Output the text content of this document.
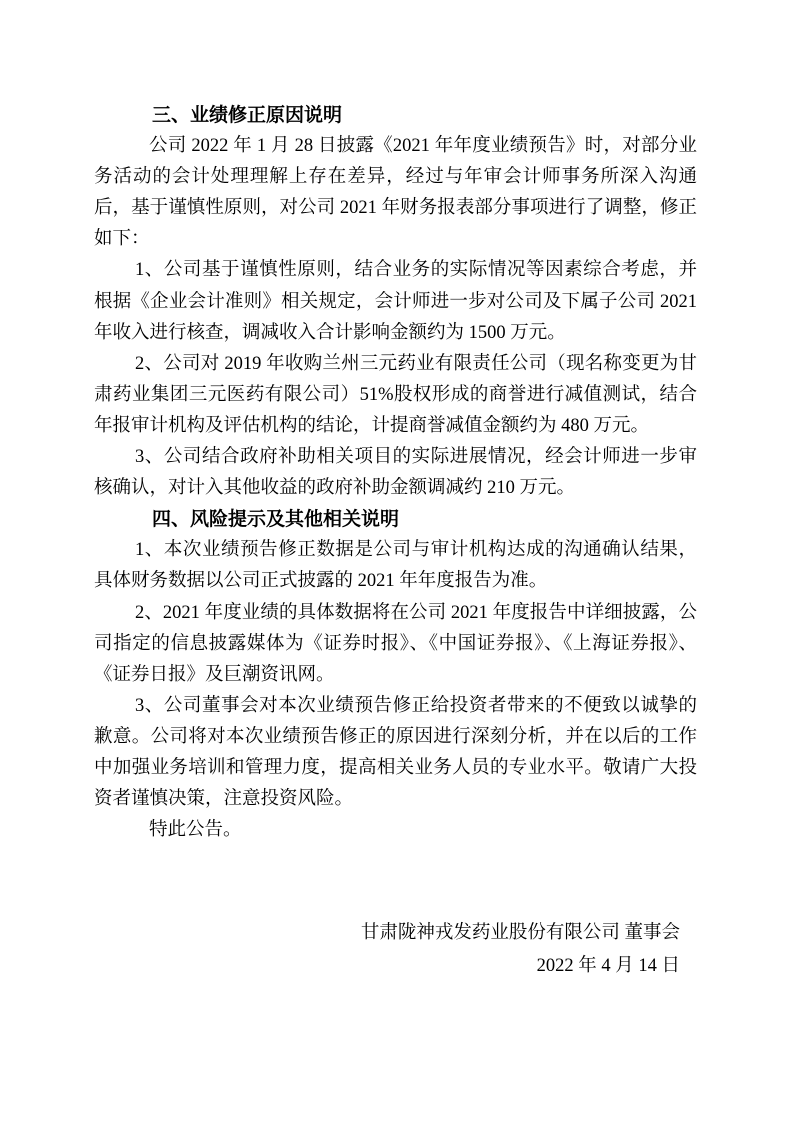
三、业绩修正原因说明

公司 2022 年 1 月 28 日披露《2021 年年度业绩预告》时，对部分业务活动的会计处理理解上存在差异，经过与年审会计师事务所深入沟通后，基于谨慎性原则，对公司 2021 年财务报表部分事项进行了调整，修正如下：

1、公司基于谨慎性原则，结合业务的实际情况等因素综合考虑，并根据《企业会计准则》相关规定，会计师进一步对公司及下属子公司 2021 年收入进行核查，调减收入合计影响金额约为 1500 万元。

2、公司对 2019 年收购兰州三元药业有限责任公司（现名称变更为甘肃药业集团三元医药有限公司）51%股权形成的商誉进行减值测试，结合年报审计机构及评估机构的结论，计提商誉减值金额约为 480 万元。

3、公司结合政府补助相关项目的实际进展情况，经会计师进一步审核确认，对计入其他收益的政府补助金额调减约 210 万元。

四、风险提示及其他相关说明

1、本次业绩预告修正数据是公司与审计机构达成的沟通确认结果，具体财务数据以公司正式披露的 2021 年年度报告为准。

2、2021 年度业绩的具体数据将在公司 2021 年度报告中详细披露，公司指定的信息披露媒体为《证券时报》、《中国证券报》、《上海证券报》、《证券日报》及巨潮资讯网。

3、公司董事会对本次业绩预告修正给投资者带来的不便致以诚挚的歉意。公司将对本次业绩预告修正的原因进行深刻分析，并在以后的工作中加强业务培训和管理力度，提高相关业务人员的专业水平。敬请广大投资者谨慎决策，注意投资风险。

特此公告。

甘肃陇神戎发药业股份有限公司 董事会

2022 年 4 月 14 日
